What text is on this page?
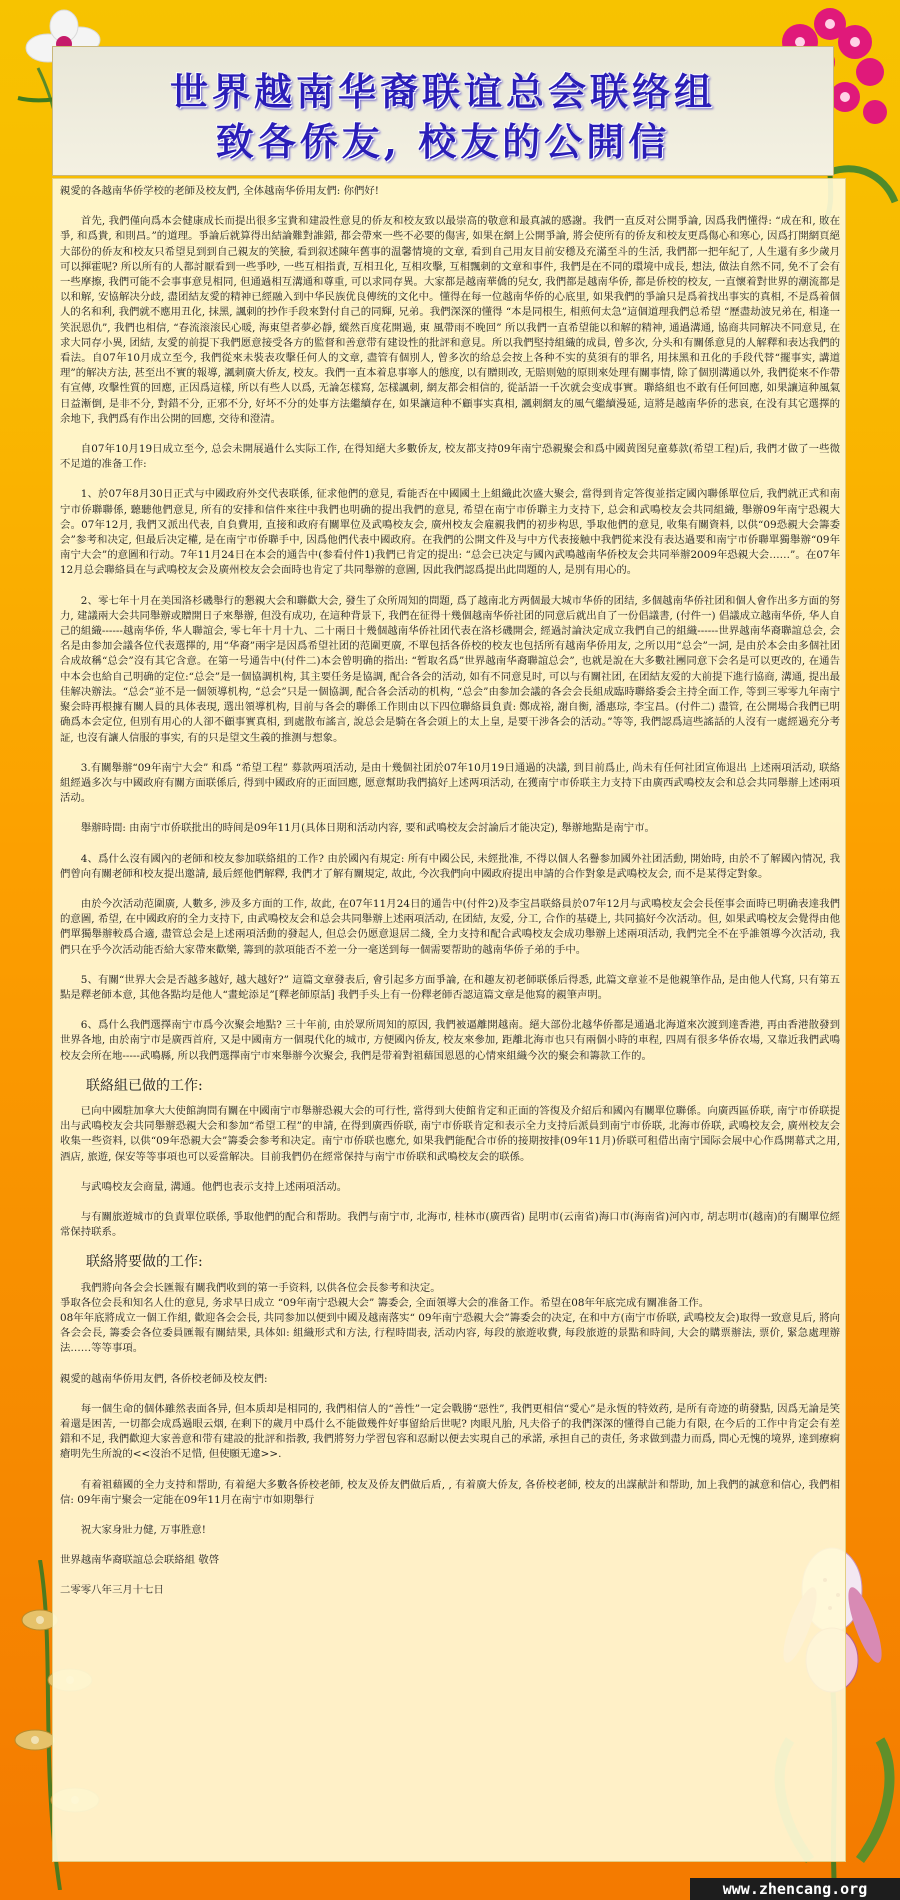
世界越南华裔联谊总会联络组
致各侨友, 校友的公開信

親愛的各越南华侨学校的老師及校友們, 全体越南华侨用友們: 你們好!

首先, 我們僅向爲本会健康成长而提出很多宝貴和建設性意見的侨友和校友致以最崇高的敬意和最真誠的感謝。我們一直反对公開爭論, 因爲我們懂得: “成在和, 敗在爭, 和爲貴, 和則昌。”的道理。爭論后就算得出結論難對誰錯, 都会帶來一些不必要的傷害, 如果在網上公開爭論, 將会使所有的侨友和校友更爲傷心和寒心, 因爲打開網頁絕大部份的侨友和校友只希望見到到自己親友的笑臉, 看到叙述陳年舊事的温馨情境的文章, 看到自己用友目前安穩及充滿至斗的生活, 我們都一把年紀了, 人生還有多少歲月可以揮霍呢? 所以所有的人都討厭看到一些爭吵, 一些互相指責, 互相丑化, 互相攻擊, 互相飄刺的文章和事件, 我們是在不同的環境中成長, 想法, 做法自然不同, 免不了会有一些摩擦, 我們可能不会事事意見相同, 但通過相互溝通和尊重, 可以求同存異。大家都是越南華僑的兒女, 我們都是越南华侨, 都是侨校的校友, 一直懷着對世界的潮流都是以和解, 安協解决分歧, 盡团結友愛的精神已經融入到中华民族优良傳统的文化中。懂得在每一位越南华侨的心底里, 如果我們的爭論只是爲着找出事实的真相, 不是爲着個人的名和利, 我們就不應用丑化, 抹黑, 諷刺的抄作手段來對付自己的同輝, 兄弟。我們深深的懂得 “本是同根生, 相煎何太急”這個道理我們总希望 “歷盡劫波兄弟在, 相逢一笑泯恩仇”, 我們也相信, “春流滚滚民心暖, 海東望者夢必靜, 縱然百度花開過, 東 風帶雨不晚回” 所以我們一直希望能以和解的精神, 通過溝通, 協商共同解决不同意見, 在求大同存小異, 团結, 友愛的前提下我們愿意接受各方的監督和善意带有建设性的批評和意見。所以我們堅持組織的成員, 曾多次, 分头和有關係意見的人解釋和表达我們的看法。自07年10月成立至今, 我們從來未裝表攻擊任何人的文章, 盡管有個別人, 曾多次的给总会按上各种不实的莫須有的罪名, 用抹黑和丑化的手段代替“擺事实, 講道理”的解决方法, 甚至出不實的報導, 諷刺廣大侨友, 校友。我們一直本着息事寧人的態度, 以有贈則改, 无賠则勉的原則來处理有關事情, 除了個別溝通以外, 我們從來不作帶有宣傳, 攻擊性質的回應, 正因爲這樣, 所以有些人以爲, 无論怎樣寫, 怎樣諷刺, 網友都会相信的, 從話語一千次就会变成事實。聯絡組也不敢有任何回應, 如果讓這种風氣日益漸倒, 是非不分, 對錯不分, 正邪不分, 好坏不分的处事方法繼續存在, 如果讓這种不顧事实真相, 諷刺網友的風气繼續漫延, 這將是越南华侨的悲哀, 在没有其它選擇的余地下, 我們爲有作出公開的回應, 交待和澄清。

自07年10月19日成立至今, 总会未開展過什么实际工作, 在得知絕大多數侨友, 校友都支持09年南宁恐親聚会和爲中國黄图兒童募款(希望工程)后, 我們才做了一些微不足道的准备工作:

1、於07年8月30日正式与中國政府外交代表联係, 征求他們的意見, 看能否在中國國土上組織此次盛大聚会, 當得到肯定答復並指定國內聯係單位后, 我們就正式和南宁市侨聯聯係, 聽聽他們意見, 所有的安排和信件來往中我們也明确的提出我們的意見, 希望在南宁市侨聯主力支持下, 总会和武鳴校友会共同組織, 舉辦09年南宁恐親大会。07年12月, 我們又派出代表, 自負費用, 直接和政府有關單位及武鳴校友会, 廣州校友会雇親我們的初步构思, 爭取他們的意見, 收集有關資料, 以供“09恐親大会籌委会”参考和决定, 但最后决定權, 是在南宁市侨聯手中, 因爲他們代表中國政府。在我們的公開文件及与中方代表接触中我們從来没有表达過要和南宁市侨聯單獨舉辦“09年南宁大会”的意圖和行动。7年11月24日在本会的通告中(参看付件1)我們已肯定的提出: “总会已决定与國內武鳴越南华侨校友会共同举辦2009年恐親大会……”。在07年12月总会聯絡員在与武鳴校友会及廣州校友会会面時也肯定了共同舉辦的意圖, 因此我們認爲提出此問題的人, 是別有用心的。

2、零七年十月在美国洛杉磯舉行的懇親大会和聯歡大会, 發生了众所周知的問題, 爲了越南北方两個最大城市华侨的团结, 多個越南华侨社团和個人會作出多方面的努力, 建議兩大会共同舉辦或贈開日子來舉辦, 但没有成功, 在這种背景下, 我們在征得十幾個越南华侨社团的同意后就出自了一份倡議書, (付件一) 倡議成立越南华侨, 华人自己的組織------越南华侨, 华人聯誼会, 零七年十月十九、二十兩日十幾個越南华侨社团代表在洛杉磯開会, 經過討論決定成立我們自己的組織------世界越南华裔聯誼总会, 会名是由参加会議各位代表選擇的, 用“华裔”兩字是因爲希望社团的范圍更廣, 不單包括各侨校的校友也包括所有越南华侨用友, 之所以用“总会”一詞, 是由於本会由多個社团合成故稱“总会”沒有其它含意。在第一号通告中(付件二)本会曾明确的指出: “暂取名爲”世界越南华裔聯誼总会”, 也就是說在大多數社團同意下会名是可以更改的, 在通告中本会也給自己明确的定位:“总会”是一個協調机构, 其主要任务是協調, 配合各会的活动, 如有不同意見时, 可以与有關社团, 在团結友爱的大前提下進行協商, 溝通, 提出最佳解决辦法。“总会”並不是一個领導机构, “总会”只是一個協調, 配合各会活动的机构, “总会”由参加会議的各会会長組成臨時聯絡委会主持全面工作, 等到三零零九年南宁聚会時再根據有關人員的具体表現, 選出領導机构, 目前与各会的聯係工作則由以下四位聯絡員負責: 鄭成裕, 謝自衡, 潘惠琮, 李宝昌。(付件二) 盡管, 在公開場合我們已明确爲本会定位, 但別有用心的人卻不顧事實真相, 到處散布謠言, 說总会是騎在各会頭上的太上皇, 是要干涉各会的活动。”等等, 我們認爲這些謠話的人沒有一處經過充分考証, 也沒有讓人信服的事实, 有的只是望文生義的推测与想象。

3.有關舉辦“09年南宁大会” 和爲 “希望工程” 募款两項活动, 是由十幾個社团於07年10月19日通過的决議, 到目前爲止, 尚未有任何社团宣佈退出 上述兩項活动, 联絡組經過多次与中國政府有關方面联係后, 得到中國政府的正面回應, 愿意幫助我們搞好上述两項活动, 在獲南宁市侨联主力支持下由廣西武鳴校友会和总会共同舉辦上述兩項活动。

舉辦時間: 由南宁市侨联批出的時间是09年11月(具体日期和活动内容, 要和武鳴校友会討論后才能决定), 舉辦地點是南宁市。

4、爲什么沒有國內的老師和校友参加联絡組的工作? 由於國內有規定: 所有中國公民, 未經批准, 不得以個人名譽参加國外社团活動, 開始時, 由於不了解國內情况, 我們曾向有關老師和校友提出邀請, 最后經他們解釋, 我們才了解有關規定, 故此, 今次我們向中國政府提出申請的合作對象是武鳴校友会, 而不是某得定對象。

由於今次活动范圍廣, 人數多, 涉及多方面的工作, 故此, 在07年11月24日的通告中(付件2)及李宝昌联絡員於07年12月与武鳴校友会会長侄事会面時已明确表達我們的意圖, 希望, 在中國政府的全力支持下, 由武鳴校友会和总会共同舉辦上述兩項活动, 在团結, 友爱, 分工, 合作的基礎上, 共同搞好今次活动。但, 如果武鳴校友会覺得由他們單獨舉辦較爲合適, 盡管总会是上述兩項活動的發起人, 但总会仍愿意退居二綫, 全力支持和配合武鳴校友会成功舉辦上述兩項活动, 我們完全不在乎誰領導今次活动, 我們只在乎今次活动能否給大家帶來歡樂, 籌到的款項能否不差一分一毫送到每一個需要帮助的越南华侨子弟的手中。

5、有關“世界大会是否越多越好, 越大越好?” 這篇文章發表后, 會引起多方面爭論, 在和趣友初老師联係后得悉, 此篇文章並不是他親筆作品, 是由他人代寫, 只有第五點是釋老師本意, 其他各點均是他人“畫蛇添足”[釋老師原話] 我們手头上有一份釋老師否認這篇文章是他寫的親筆声明。

6、爲什么我們選擇南宁市爲今次聚会地點? 三十年前, 由於眾所周知的原因, 我們被逼離開越南。絕大部份北越华侨都是通過北海道來次渡到達香港, 再由香港散發到世界各地, 由於南宁市是廣西首府, 又是中國南方一個現代化的城市, 方便國內侨友, 校友來參加, 距離北海市也只有兩個小時的車程, 四周有很多华侨农場, 又靠近我們武鳴校友会所在地-----武鳴縣, 所以我們選擇南宁市來舉辦今次聚会, 我們是带着對祖藉国恩恩的心情來組織今次的聚会和籌款工作的。

联絡組已做的工作:

已向中國駐加拿大大使館詢問有關在中國南宁市舉辦恐親大会的可行性, 當得到大使館肯定和正面的答復及介紹后和國內有關單位聯係。向廣西區侨联, 南宁市侨联提出与武鳴校友会共同舉辦恐親大会和参加“希望工程”的申請, 在得到廣西侨联, 南宁市侨联肯定和表示全力支持后派員到南宁市侨联, 北海市侨联, 武鳴校友会, 廣州校友会收集一些资料, 以供“09年恐親大会”籌委会参考和决定。南宁市侨联也應允, 如果我們能配合市侨的接期按排(09年11月)侨联可租借出南宁国际会展中心作爲開幕式之用, 酒店, 旅遊, 保安等等事項也可以妥當解决。目前我們仍在經常保持与南宁市侨联和武鳴校友会的联係。

与武鳴校友会商量, 溝通。他們也表示支持上述兩項活动。

与有關旅遊城市的負責單位联係, 爭取他們的配合和帮助。我們与南宁市, 北海市, 桂林市(廣西省) 昆明市(云南省)海口市(海南省)河內市, 胡志明市(越南)的有關單位經常保持联系。

联絡將要做的工作:

我們將向各会会长匯報有關我們收到的第一手资料, 以供各位会長参考和決定。
爭取各位会長和知名人仕的意見, 务求早日成立 “09年南宁恐親大会” 籌委会, 全面領導大会的准备工作。希望在08年年底完成有關准备工作。
08年年底將成立一個工作組, 歡迎各会会長, 共同参加以便到中國及越南落实“ 09年南宁恐親大会”籌委会的决定, 在和中方(南宁市侨联, 武鳴校友会)取得一致意見后, 將向各会会長, 籌委会各位委員匯報有關結果, 具体如: 組織形式和方法, 行程時間表, 活动内容, 每段的旅遊收費, 每段旅遊的景點和時间, 大会的購票辦法, 票价, 緊急處理辦法……等等事項。

親愛的越南华侨用友們, 各侨校老師及校友們:

每一個生命的個体雖然表面各异, 但本质却是相同的, 我們相信人的“善性”一定会戰勝“惡性”, 我們更相信“愛心”是永恆的特效药, 是所有奇迹的萌發點, 因爲无論是笑着還是困苦, 一切都会成爲過眼云烟, 在剩下的歲月中爲什么不能做幾件好事留給后世呢? 肉眼凡胎, 凡夫俗子的我們深深的懂得自己能力有限, 在今后的工作中肯定会有差錯和不足, 我們歡迎大家善意和带有建設的批評和指教, 我們將努力学習包容和忍耐以便去实現自己的承諾, 承担自己的责任, 务求做到盡力而爲, 問心无愧的境界, 達到療痾瘡明先生所說的<<沒治不足惜, 但使願无違>>.

有着祖藉國的全力支持和帮助, 有着絕大多數各侨校老師, 校友及侨友們做后盾, , 有着廣大侨友, 各侨校老師, 校友的出謀献計和帮助, 加上我們的誠意和信心, 我們相信: 09年南宁聚会一定能在09年11月在南宁市如期舉行

祝大家身壯力健, 万事胜意!

世界越南华裔联誼总会联絡組 敬啓

二零零八年三月十七日

www.zhencang.org
